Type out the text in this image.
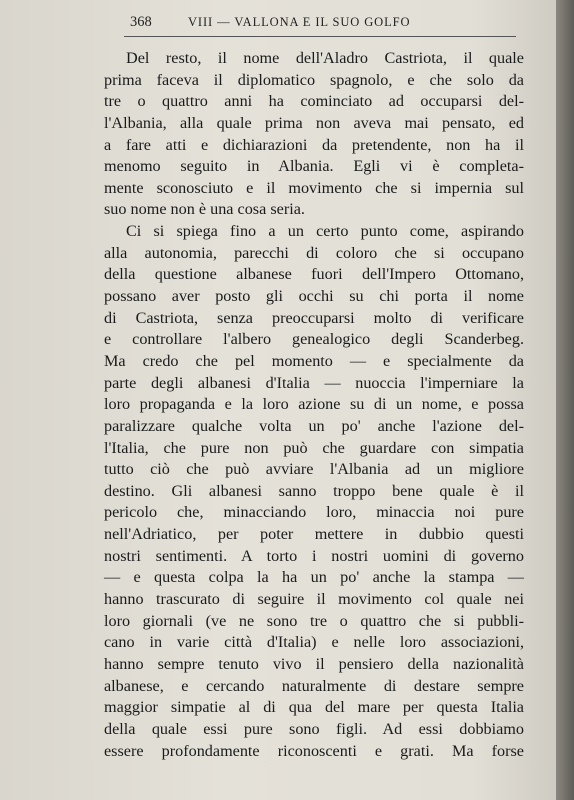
368	VIII — VALLONA E IL SUO GOLFO
Del resto, il nome dell'Aladro Castriota, il quale
prima faceva il diplomatico spagnolo, e che solo da
tre o quattro anni ha cominciato ad occuparsi del-
l'Albania, alla quale prima non aveva mai pensato, ed
a fare atti e dichiarazioni da pretendente, non ha il
menomo seguito in Albania. Egli vi è completa-
mente sconosciuto e il movimento che si impernia sul
suo nome non è una cosa seria.
Ci si spiega fino a un certo punto come, aspirando
alla autonomia, parecchi di coloro che si occupano
della questione albanese fuori dell'Impero Ottomano,
possano aver posto gli occhi su chi porta il nome
di Castriota, senza preoccuparsi molto di verificare
e controllare l'albero genealogico degli Scanderbeg.
Ma credo che pel momento — e specialmente da
parte degli albanesi d'Italia — nuoccia l'imperniare la
loro propaganda e la loro azione su di un nome, e possa
paralizzare qualche volta un po' anche l'azione del-
l'Italia, che pure non può che guardare con simpatia
tutto ciò che può avviare l'Albania ad un migliore
destino. Gli albanesi sanno troppo bene quale è il
pericolo che, minacciando loro, minaccia noi pure
nell'Adriatico, per poter mettere in dubbio questi
nostri sentimenti. A torto i nostri uomini di governo
— e questa colpa la ha un po' anche la stampa —
hanno trascurato di seguire il movimento col quale nei
loro giornali (ve ne sono tre o quattro che si pubbli-
cano in varie città d'Italia) e nelle loro associazioni,
hanno sempre tenuto vivo il pensiero della nazionalità
albanese, e cercando naturalmente di destare sempre
maggior simpatie al di qua del mare per questa Italia
della quale essi pure sono figli. Ad essi dobbiamo
essere profondamente riconoscenti e grati. Ma forse
